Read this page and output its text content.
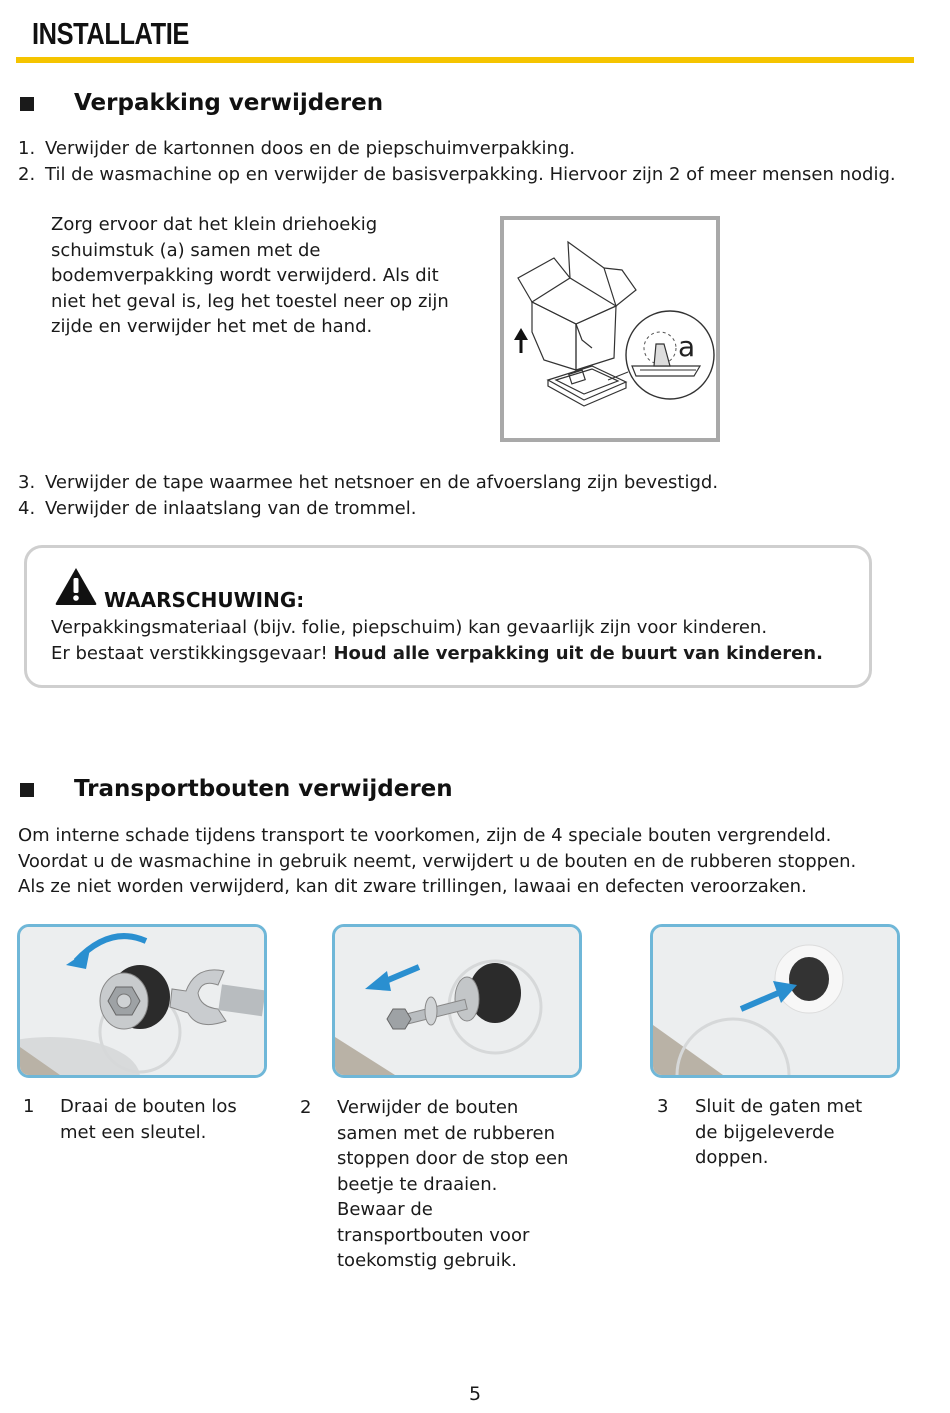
INSTALLATIE
Verpakking verwijderen
1. Verwijder de kartonnen doos en de piepschuimverpakking.
2. Til de wasmachine op en verwijder de basisverpakking. Hiervoor zijn 2 of meer mensen nodig.
Zorg ervoor dat het klein driehoekig
schuimstuk (a) samen met de
bodemverpakking wordt verwijderd. Als dit
niet het geval is, leg het toestel neer op zijn
zijde en verwijder het met de hand.
a
3. Verwijder de tape waarmee het netsnoer en de afvoerslang zijn bevestigd.
4. Verwijder de inlaatslang van de trommel.
WAARSCHUWING:
Verpakkingsmateriaal (bijv. folie, piepschuim) kan gevaarlijk zijn voor kinderen.
Er bestaat verstikkingsgevaar! Houd alle verpakking uit de buurt van kinderen.
Transportbouten verwijderen
Om interne schade tijdens transport te voorkomen, zijn de 4 speciale bouten vergrendeld.
Voordat u de wasmachine in gebruik neemt, verwijdert u de bouten en de rubberen stoppen.
Als ze niet worden verwijderd, kan dit zware trillingen, lawaai en defecten veroorzaken.
1 Draai de bouten los
met een sleutel.
2 Verwijder de bouten
samen met de rubberen
stoppen door de stop een
beetje te draaien.
Bewaar de
transportbouten voor
toekomstig gebruik.
3 Sluit de gaten met
de bijgeleverde
doppen.
5
